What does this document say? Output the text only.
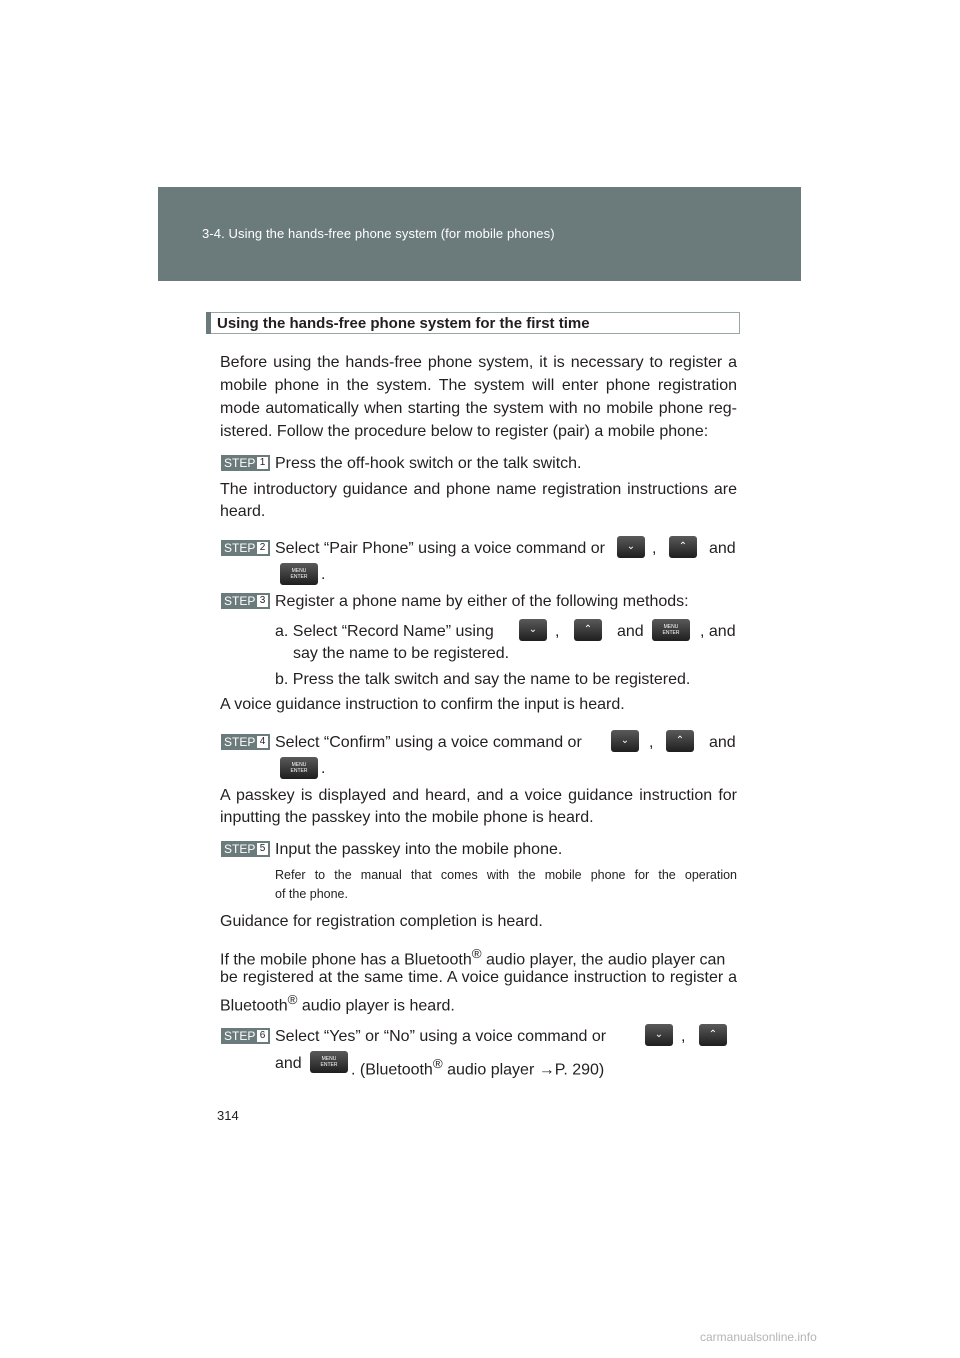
3-4. Using the hands-free phone system (for mobile phones)
Using the hands-free phone system for the first time
Before using the hands-free phone system, it is necessary to register a
mobile phone in the system. The system will enter phone registration
mode automatically when starting the system with no mobile phone reg-
istered. Follow the procedure below to register (pair) a mobile phone:
STEP 1 Press the off-hook switch or the talk switch.
The introductory guidance and phone name registration instructions are
heard.
STEP 2 Select “Pair Phone” using a voice command or	⌄	,	⌃	and
MENU
ENTER .
STEP 3 Register a phone name by either of the following methods:
a. Select “Record Name” using	⌄	,	⌃	and	MENU
ENTER	, and
say the name to be registered.
b. Press the talk switch and say the name to be registered.
A voice guidance instruction to confirm the input is heard.
STEP 4 Select “Confirm” using a voice command or	⌄	,	⌃	and
MENU
ENTER .
A passkey is displayed and heard, and a voice guidance instruction for
inputting the passkey into the mobile phone is heard.
STEP 5 Input the passkey into the mobile phone.
Refer to the manual that comes with the mobile phone for the operation
of the phone.
Guidance for registration completion is heard.
If the mobile phone has a Bluetooth® audio player, the audio player can
be registered at the same time. A voice guidance instruction to register a
Bluetooth® audio player is heard.
STEP 6 Select “Yes” or “No” using a voice command or	⌄	,	⌃
and	MENU
ENTER . (Bluetooth® audio player →P. 290)
314
carmanualsonline.info
